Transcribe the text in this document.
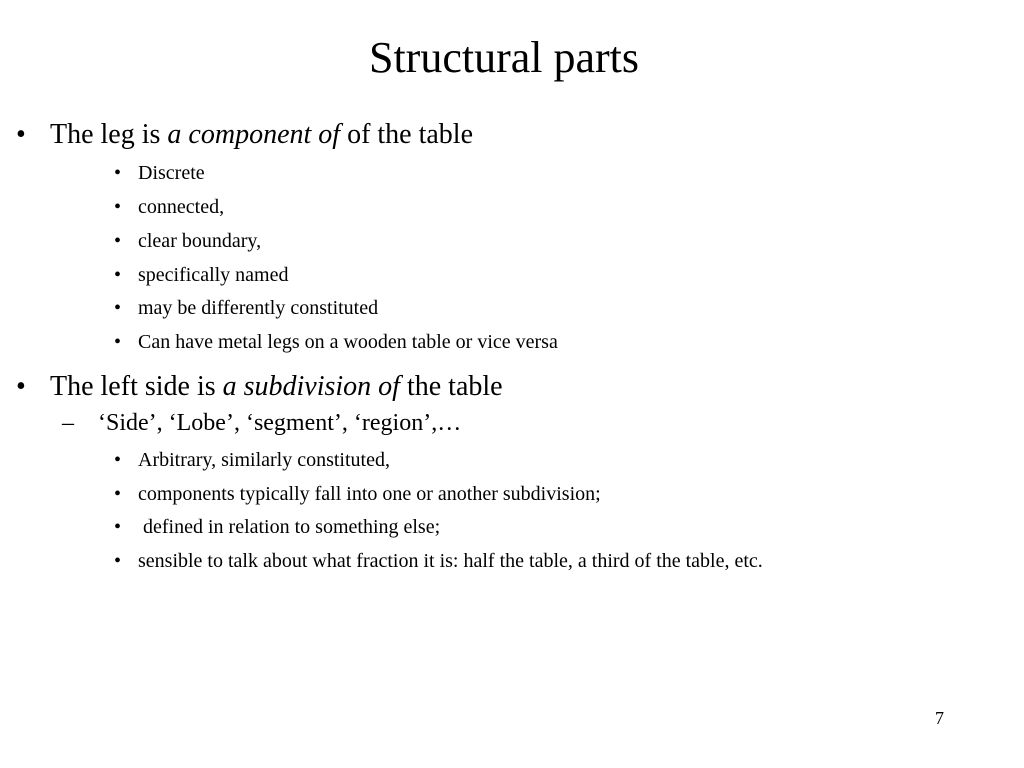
Structural parts
• The leg is a component of of the table
• Discrete
• connected,
• clear boundary,
• specifically named
• may be differently constituted
• Can have metal legs on a wooden table or vice versa
• The left side is a subdivision of the table
– ‘Side’, ‘Lobe’, ‘segment’, ‘region’,…
• Arbitrary, similarly constituted,
• components typically fall into one or another subdivision;
• defined in relation to something else;
• sensible to talk about what fraction it is: half the table, a third of the table, etc.
7
